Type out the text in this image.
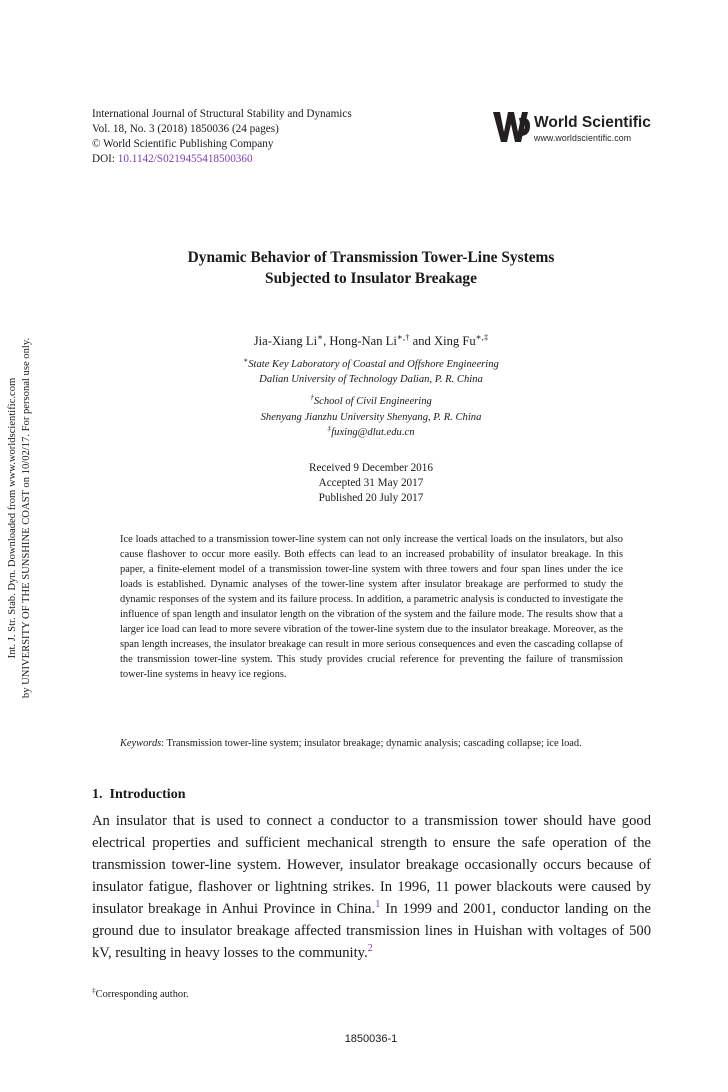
International Journal of Structural Stability and Dynamics
Vol. 18, No. 3 (2018) 1850036 (24 pages)
© World Scientific Publishing Company
DOI: 10.1142/S0219455418500360
World Scientific
www.worldscientific.com
Int. J. Str. Stab. Dyn. Downloaded from www.worldscientific.com by UNIVERSITY OF THE SUNSHINE COAST on 10/02/17. For personal use only.
Dynamic Behavior of Transmission Tower-Line Systems
Subjected to Insulator Breakage
Jia-Xiang Li∗, Hong-Nan Li∗,† and Xing Fu∗,‡
∗State Key Laboratory of Coastal and Offshore Engineering
Dalian University of Technology Dalian, P. R. China
†School of Civil Engineering
Shenyang Jianzhu University Shenyang, P. R. China
‡fuxing@dlut.edu.cn
Received 9 December 2016
Accepted 31 May 2017
Published 20 July 2017
Ice loads attached to a transmission tower-line system can not only increase the vertical loads on the insulators, but also cause flashover to occur more easily. Both effects can lead to an increased probability of insulator breakage. In this paper, a finite-element model of a transmission tower-line system with three towers and four span lines under the ice loads is established. Dynamic analyses of the tower-line system after insulator breakage are performed to study the dynamic responses of the system and its failure process. In addition, a parametric analysis is conducted to investigate the influence of span length and insulator length on the vibration of the system and the failure mode. The results show that a larger ice load can lead to more severe vibration of the tower-line system due to the insulator breakage. Moreover, as the span length increases, the insulator breakage can result in more serious consequences and even the cascading collapse of the transmission tower-line system. This study provides crucial reference for preventing the failure of transmission tower-line systems in heavy ice regions.
Keywords: Transmission tower-line system; insulator breakage; dynamic analysis; cascading collapse; ice load.
1. Introduction
An insulator that is used to connect a conductor to a transmission tower should have good electrical properties and sufficient mechanical strength to ensure the safe operation of the transmission tower-line system. However, insulator breakage occasionally occurs because of insulator fatigue, flashover or lightning strikes. In 1996, 11 power blackouts were caused by insulator breakage in Anhui Province in China.$^1$ In 1999 and 2001, conductor landing on the ground due to insulator breakage affected transmission lines in Huishan with voltages of 500 kV, resulting in heavy losses to the community.$^2$
‡Corresponding author.
1850036-1
